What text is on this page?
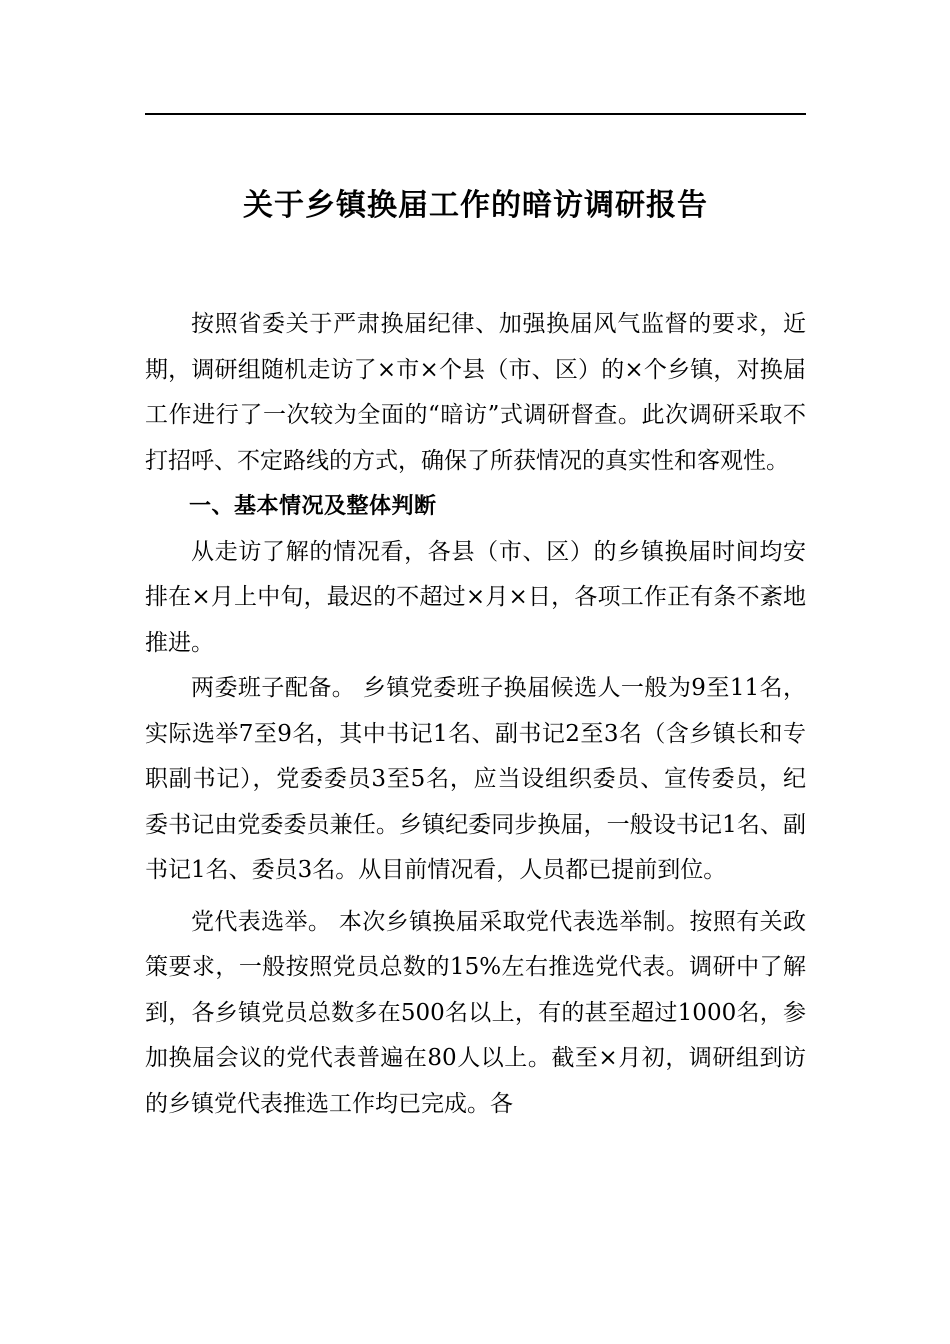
关于乡镇换届工作的暗访调研报告

按照省委关于严肃换届纪律、加强换届风气监督的要求，近期，调研组随机走访了×市×个县（市、区）的×个乡镇，对换届工作进行了一次较为全面的“暗访”式调研督查。此次调研采取不打招呼、不定路线的方式，确保了所获情况的真实性和客观性。

一、基本情况及整体判断

从走访了解的情况看，各县（市、区）的乡镇换届时间均安排在×月上中旬，最迟的不超过×月×日，各项工作正有条不紊地推进。

两委班子配备。 乡镇党委班子换届候选人一般为9至11名，实际选举7至9名，其中书记1名、副书记2至3名（含乡镇长和专职副书记），党委委员3至5名，应当设组织委员、宣传委员，纪委书记由党委委员兼任。乡镇纪委同步换届，一般设书记1名、副书记1名、委员3名。从目前情况看，人员都已提前到位。

党代表选举。 本次乡镇换届采取党代表选举制。按照有关政策要求，一般按照党员总数的15%左右推选党代表。调研中了解到，各乡镇党员总数多在500名以上，有的甚至超过1000名，参加换届会议的党代表普遍在80人以上。截至×月初，调研组到访的乡镇党代表推选工作均已完成。各
